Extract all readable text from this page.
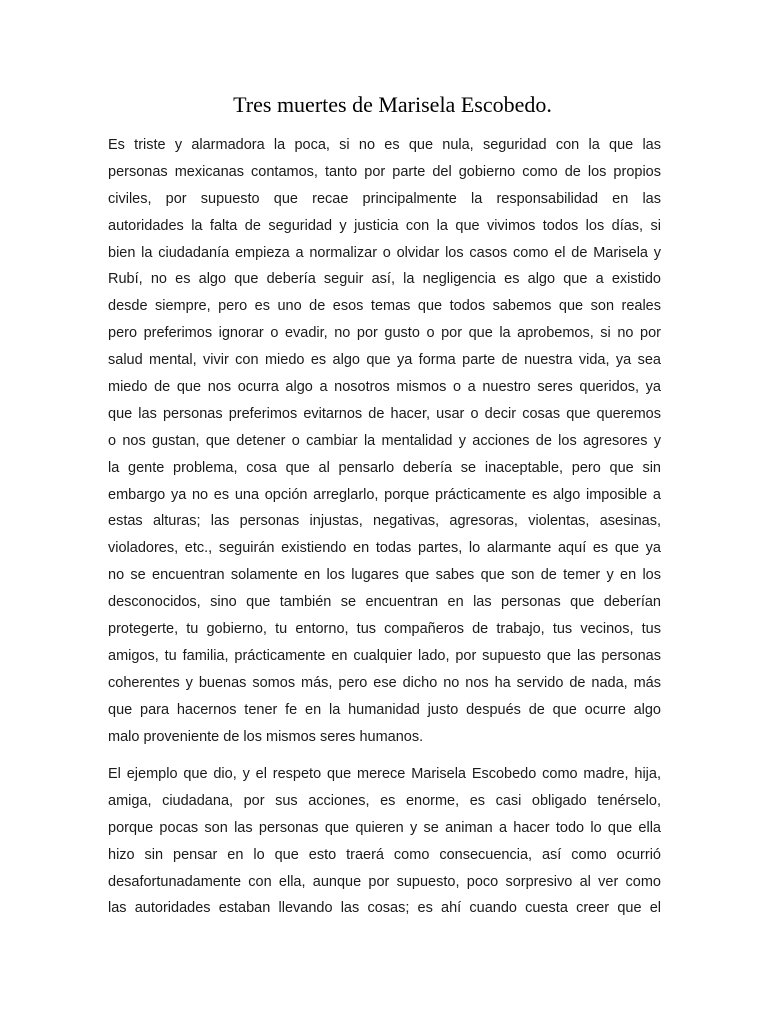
Tres muertes de Marisela Escobedo.
Es triste y alarmadora la poca, si no es que nula, seguridad con la que las
personas mexicanas contamos, tanto por parte del gobierno como de los propios
civiles, por supuesto que recae principalmente la responsabilidad en las
autoridades la falta de seguridad y justicia con la que vivimos todos los días, si
bien la ciudadanía empieza a normalizar o olvidar los casos como el de Marisela y
Rubí, no es algo que debería seguir así, la negligencia es algo que a existido
desde siempre, pero es uno de esos temas que todos sabemos que son reales
pero preferimos ignorar o evadir, no por gusto o por que la aprobemos, si no por
salud mental, vivir con miedo es algo que ya forma parte de nuestra vida, ya sea
miedo de que nos ocurra algo a nosotros mismos o a nuestro seres queridos, ya
que las personas preferimos evitarnos de hacer, usar o decir cosas que queremos
o nos gustan, que detener o cambiar la mentalidad y acciones de los agresores y
la gente problema, cosa que al pensarlo debería se inaceptable, pero que sin
embargo ya no es una opción arreglarlo, porque prácticamente es algo imposible a
estas alturas; las personas injustas, negativas, agresoras, violentas, asesinas,
violadores, etc., seguirán existiendo en todas partes, lo alarmante aquí es que ya
no se encuentran solamente en los lugares que sabes que son de temer y en los
desconocidos, sino que también se encuentran en las personas que deberían
protegerte, tu gobierno, tu entorno, tus compañeros de trabajo, tus vecinos, tus
amigos, tu familia, prácticamente en cualquier lado, por supuesto que las personas
coherentes y buenas somos más, pero ese dicho no nos ha servido de nada, más
que para hacernos tener fe en la humanidad justo después de que ocurre algo
malo proveniente de los mismos seres humanos.
El ejemplo que dio, y el respeto que merece Marisela Escobedo como madre, hija,
amiga, ciudadana, por sus acciones, es enorme, es casi obligado tenérselo,
porque pocas son las personas que quieren y se animan a hacer todo lo que ella
hizo sin pensar en lo que esto traerá como consecuencia, así como ocurrió
desafortunadamente con ella, aunque por supuesto, poco sorpresivo al ver como
las autoridades estaban llevando las cosas; es ahí cuando cuesta creer que el
